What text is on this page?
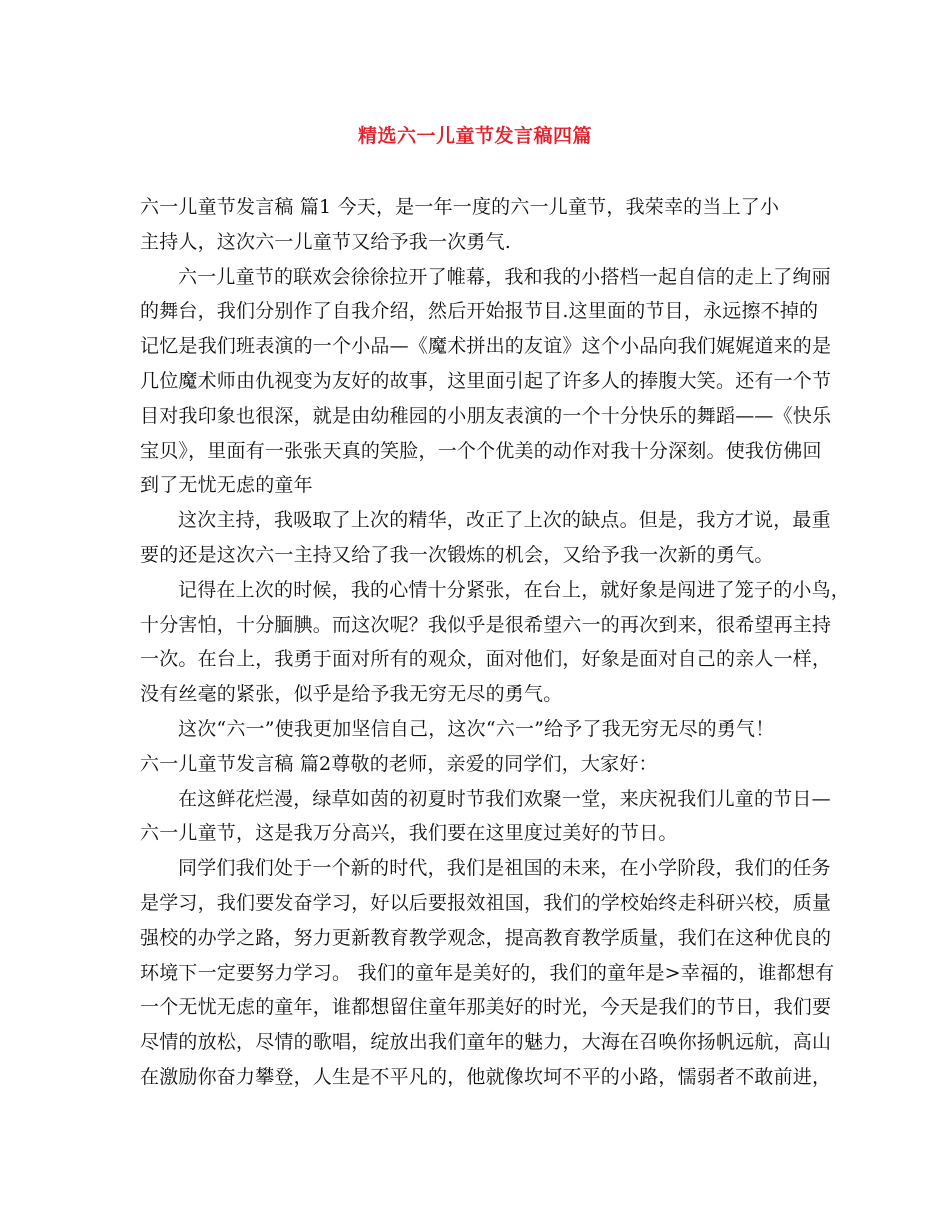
精选六一儿童节发言稿四篇
六一儿童节发言稿 篇1 今天，是一年一度的六一儿童节，我荣幸的当上了小
主持人，这次六一儿童节又给予我一次勇气.
六一儿童节的联欢会徐徐拉开了帷幕，我和我的小搭档一起自信的走上了绚丽
的舞台，我们分别作了自我介绍，然后开始报节目.这里面的节目，永远擦不掉的
记忆是我们班表演的一个小品—《魔术拼出的友谊》这个小品向我们娓娓道来的是
几位魔术师由仇视变为友好的故事，这里面引起了许多人的捧腹大笑。还有一个节
目对我印象也很深，就是由幼稚园的小朋友表演的一个十分快乐的舞蹈——《快乐
宝贝》，里面有一张张天真的笑脸，一个个优美的动作对我十分深刻。使我仿佛回
到了无忧无虑的童年
这次主持，我吸取了上次的精华，改正了上次的缺点。但是，我方才说，最重
要的还是这次六一主持又给了我一次锻炼的机会，又给予我一次新的勇气。
记得在上次的时候，我的心情十分紧张，在台上，就好象是闯进了笼子的小鸟，
十分害怕，十分腼腆。而这次呢？我似乎是很希望六一的再次到来，很希望再主持
一次。在台上，我勇于面对所有的观众，面对他们，好象是面对自己的亲人一样，
没有丝毫的紧张，似乎是给予我无穷无尽的勇气。
这次“六一”使我更加坚信自己，这次“六一”给予了我无穷无尽的勇气！
六一儿童节发言稿 篇2尊敬的老师，亲爱的同学们，大家好：
在这鲜花烂漫，绿草如茵的初夏时节我们欢聚一堂，来庆祝我们儿童的节日—
六一儿童节，这是我万分高兴，我们要在这里度过美好的节日。
同学们我们处于一个新的时代，我们是祖国的未来，在小学阶段，我们的任务
是学习，我们要发奋学习，好以后要报效祖国，我们的学校始终走科研兴校，质量
强校的办学之路，努力更新教育教学观念，提高教育教学质量，我们在这种优良的
环境下一定要努力学习。 我们的童年是美好的，我们的童年是>幸福的，谁都想有
一个无忧无虑的童年，谁都想留住童年那美好的时光，今天是我们的节日，我们要
尽情的放松，尽情的歌唱，绽放出我们童年的魅力，大海在召唤你扬帆远航，高山
在激励你奋力攀登，人生是不平凡的，他就像坎坷不平的小路，懦弱者不敢前进，
